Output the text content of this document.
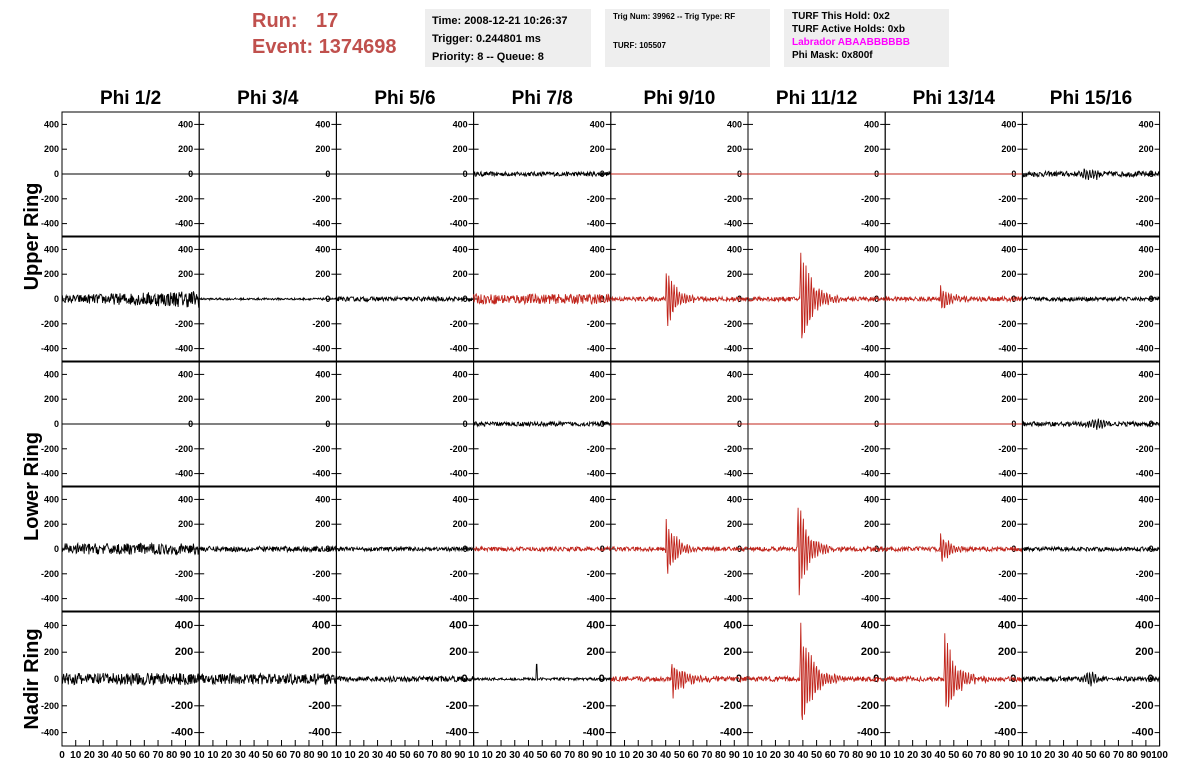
Run: 17
Event: 1374698
Time: 2008-12-21 10:26:37
Trigger: 0.244801 ms
Priority: 8 -- Queue: 8
Trig Num: 39962 -- Trig Type: RF
TURF: 105507
TURF This Hold: 0x2
TURF Active Holds: 0xb
Labrador ABAABBBBBB
Phi Mask: 0x800f
Phi 1/2	Phi 3/4	Phi 5/6	Phi 7/8	Phi 9/10	Phi 11/12	Phi 13/14	Phi 15/16
Upper Ring
Lower Ring
Nadir Ring
400	400
200	200
0	0
-200	-200
-400	-400
400
200
0
-200
-400
400
200
0
-200
-400
400
200
0
-200
-400
400
200
0
-200
-400
400
200
0
-200
-400
400
200
0
-200
-400
400
200
0
-200
-400
400	400
200	200
0	0
-200	-200
-400	-400
400
200
0
-200
-400
400
200
0
-200
-400
400
200
0
-200
-400
400
200
0
-200
-400
400
200
0
-200
-400
400
200
0
-200
-400
400
200
0
-200
-400
400	400
200	200
0	0
-200	-200
-400	-400
400
200
0
-200
-400
400
200
0
-200
-400
400
200
0
-200
-400
400
200
0
-200
-400
400
200
0
-200
-400
400
200
0
-200
-400
400
200
0
-200
-400
400	400
200	200
0	0
-200	-200
-400	-400
400
200
0
-200
-400
400
200
0
-200
-400
400
200
0
-200
-400
400
200
0
-200
-400
400
200
0
-200
-400
400
200
0
-200
-400
400
200
0
-200
-400
400	400
200	200
0	0
-200	-200
-400	-400
0 10 20 30 40 50 60 70 80 90 10
400
200
0
-200
-400
10 20 30 40 50 60 70 80 90 10
400
200
0
-200
-400
10 20 30 40 50 60 70 80 90 10
400
200
0
-200
-400
10 20 30 40 50 60 70 80 90 10
400
200
0
-200
-400
10 20 30 40 50 60 70 80 90 10
400
200
0
-200
-400
10 20 30 40 50 60 70 80 90 10
400
200
0
-200
-400
10 20 30 40 50 60 70 80 90 10
400
200
0
-200
-400
10 20 30 40 50 60 70 80 90 100
